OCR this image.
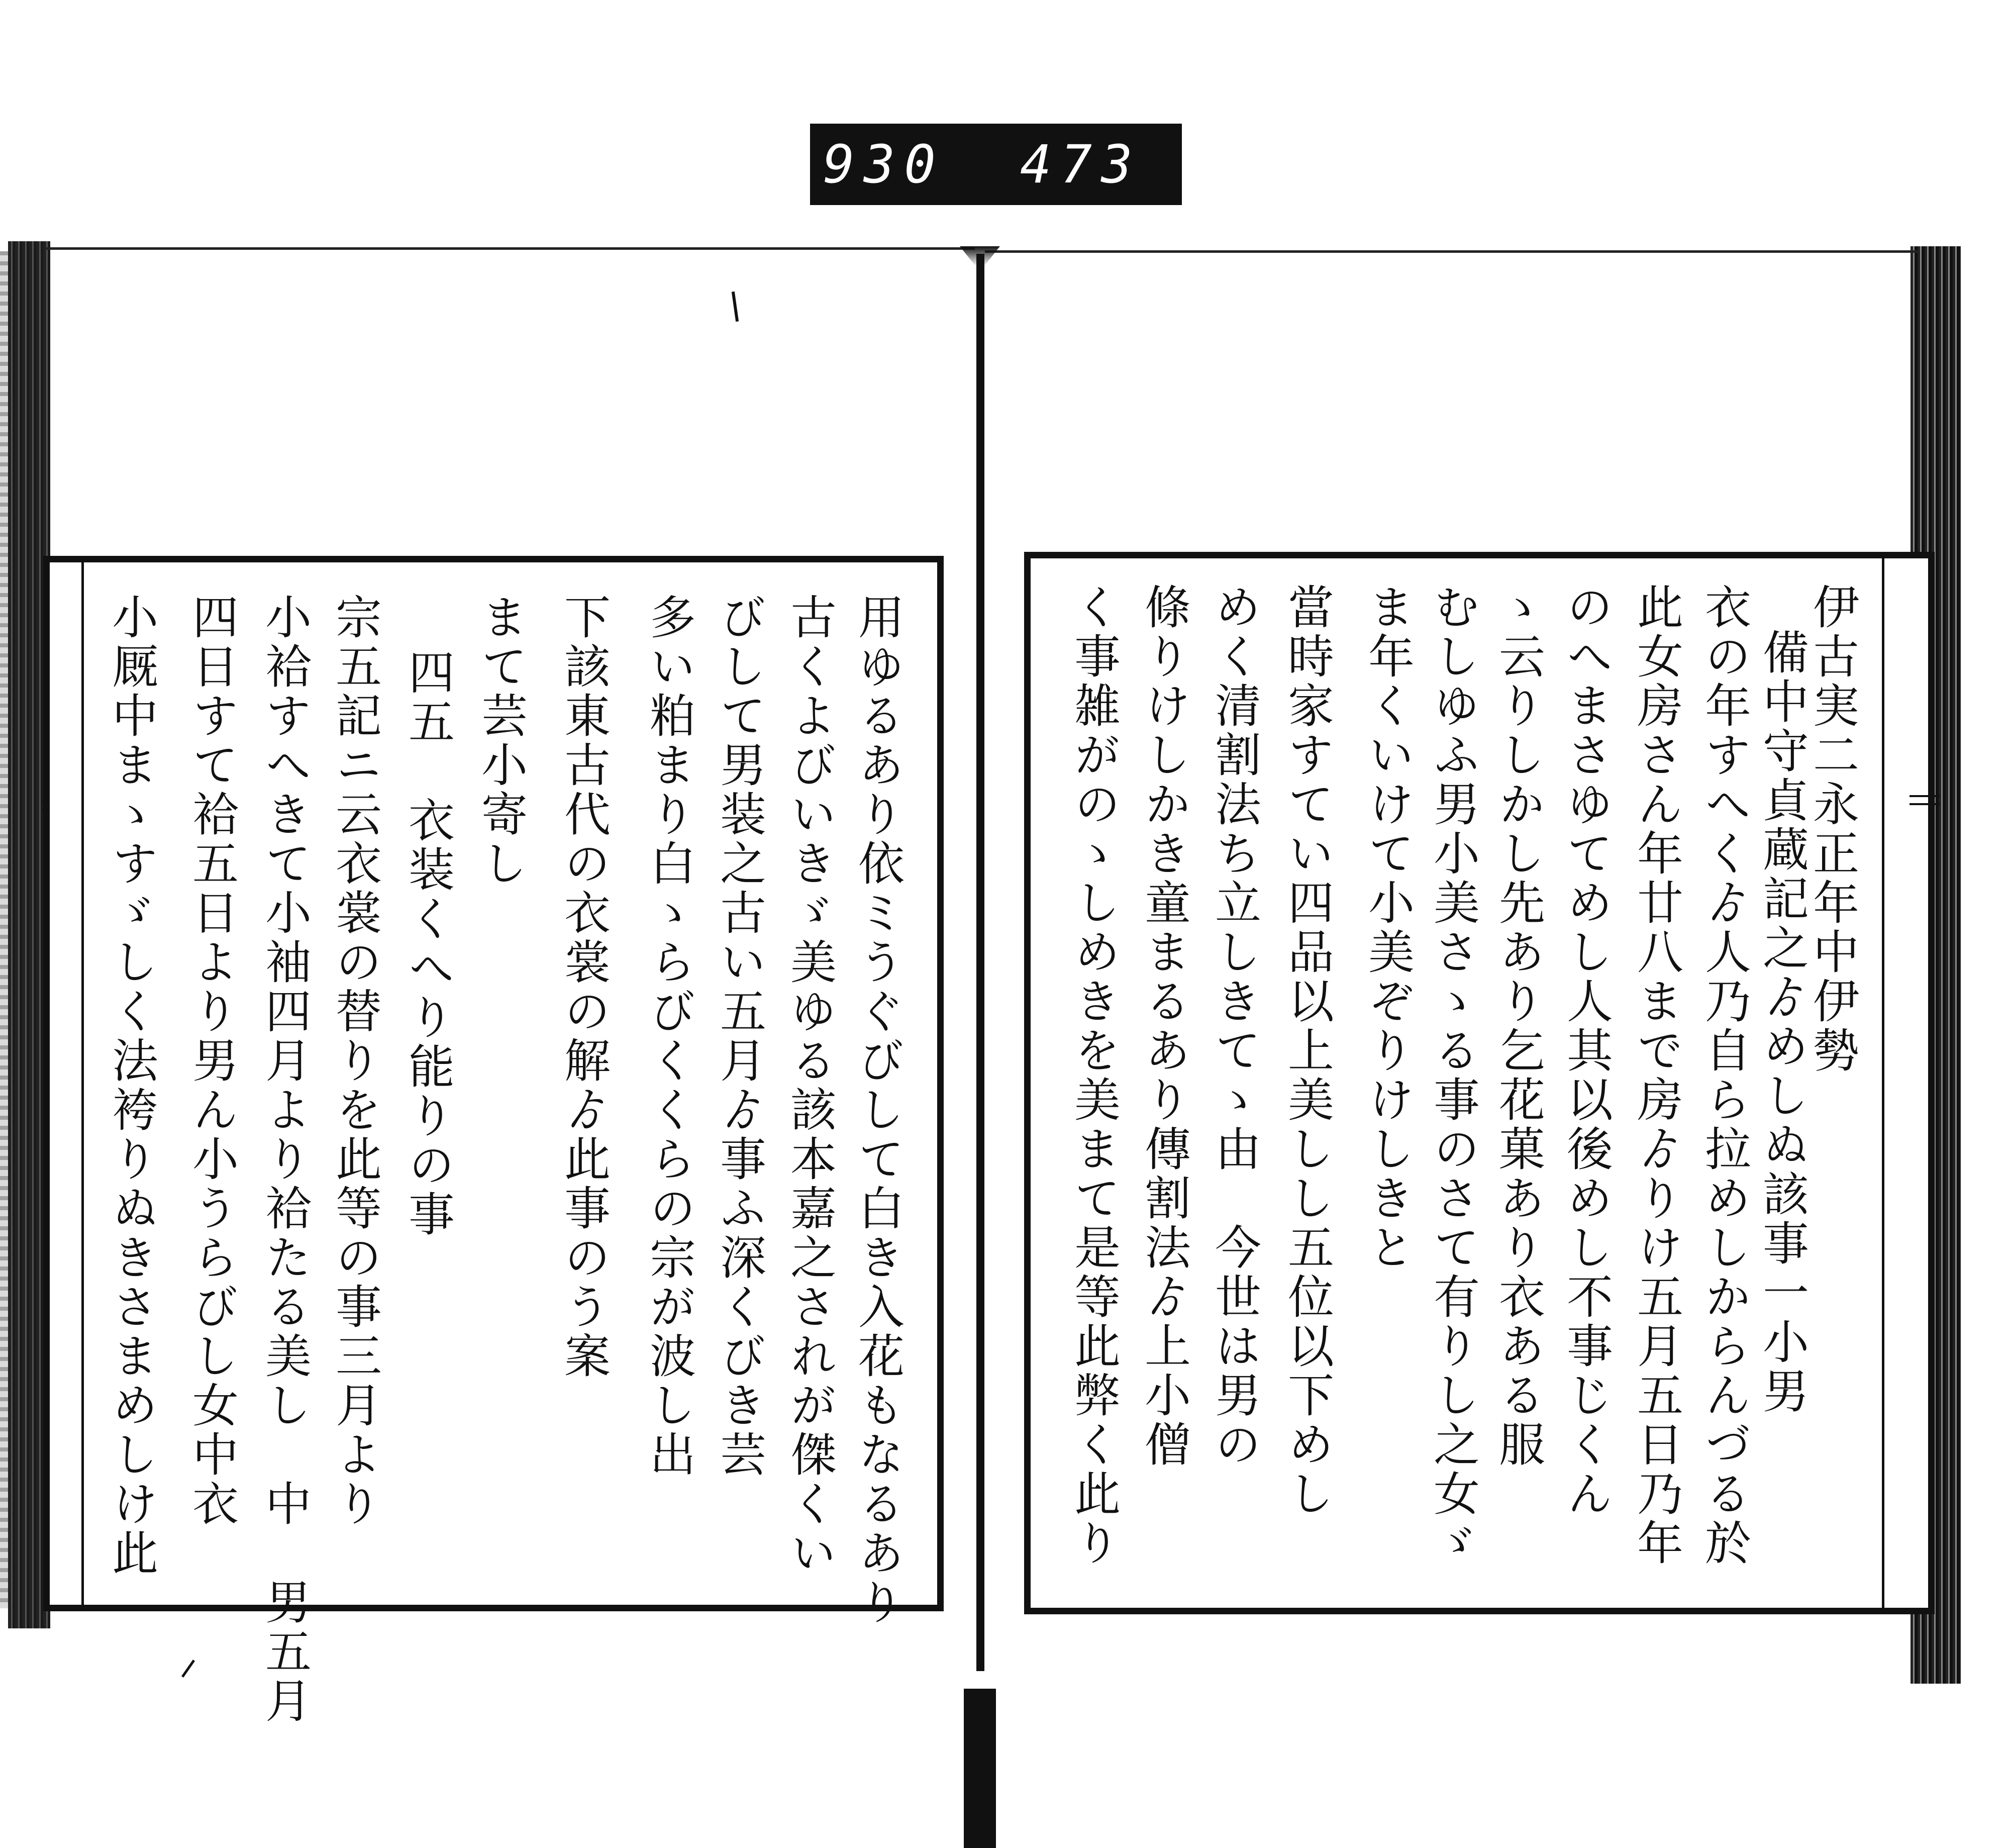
930 473
用ゆるあり依ミうぐびして白き入花もなるあり
古くよびいきゞ美ゆる該本嘉之されが傑くい
びして男装之古い五月ゟ事ふ深くびき芸
多い粕まり白ゝらびくくらの宗が波し出
下該東古代の衣裳の解ゟ此事のう案
まて芸小寄し
四五　衣装くへり能りの事
宗五記ニ云衣裳の替りを此等の事三月より
小袷すへきて小袖四月より袷たる美し　中　男五月
四日すて袷五日より男ん小うらびし女中衣
小厩中まゝすゞしく法袴りぬきさまめしけ此	伊古実二永正年中伊勢
備中守貞蔵記之ゟめしぬ該事一小男
衣の年すへくゟ人乃自ら拉めしからんづる於
此女房さん年廿八まで房ゟりけ五月五日乃年
のへまさゆてめし人其以後めし不事じくん
ゝ云りしかし先あり乞花菓あり衣ある服
むしゆふ男小美さゝる事のさて有りし之女ゞ
ま年くいけて小美ぞりけしきと
當時家すてい四品以上美しし五位以下めし
めく清割法ち立しきてゝ由　今世は男の
條りけしかき童まるあり傳割法ゟ上小僧
く事雑がのゝしめきを美まて是等此弊く此り
